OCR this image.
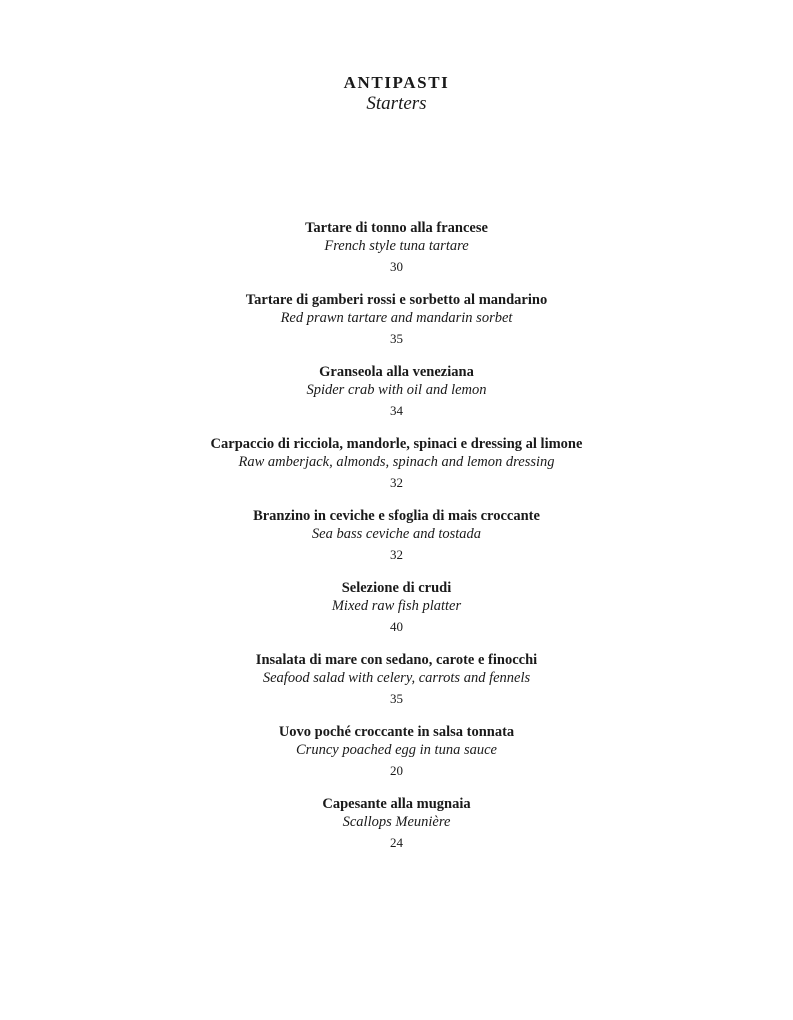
ANTIPASTI
Starters
Tartare di tonno alla francese
French style tuna tartare
30
Tartare di gamberi rossi e sorbetto al mandarino
Red prawn tartare and mandarin sorbet
35
Granseola alla veneziana
Spider crab with oil and lemon
34
Carpaccio di ricciola, mandorle, spinaci e dressing al limone
Raw amberjack, almonds, spinach and lemon dressing
32
Branzino in ceviche e sfoglia di mais croccante
Sea bass ceviche and tostada
32
Selezione di crudi
Mixed raw fish platter
40
Insalata di mare con sedano, carote e finocchi
Seafood salad with celery, carrots and fennels
35
Uovo poché croccante in salsa tonnata
Cruncy poached egg in tuna sauce
20
Capesante alla mugnaia
Scallops Meunière
24
